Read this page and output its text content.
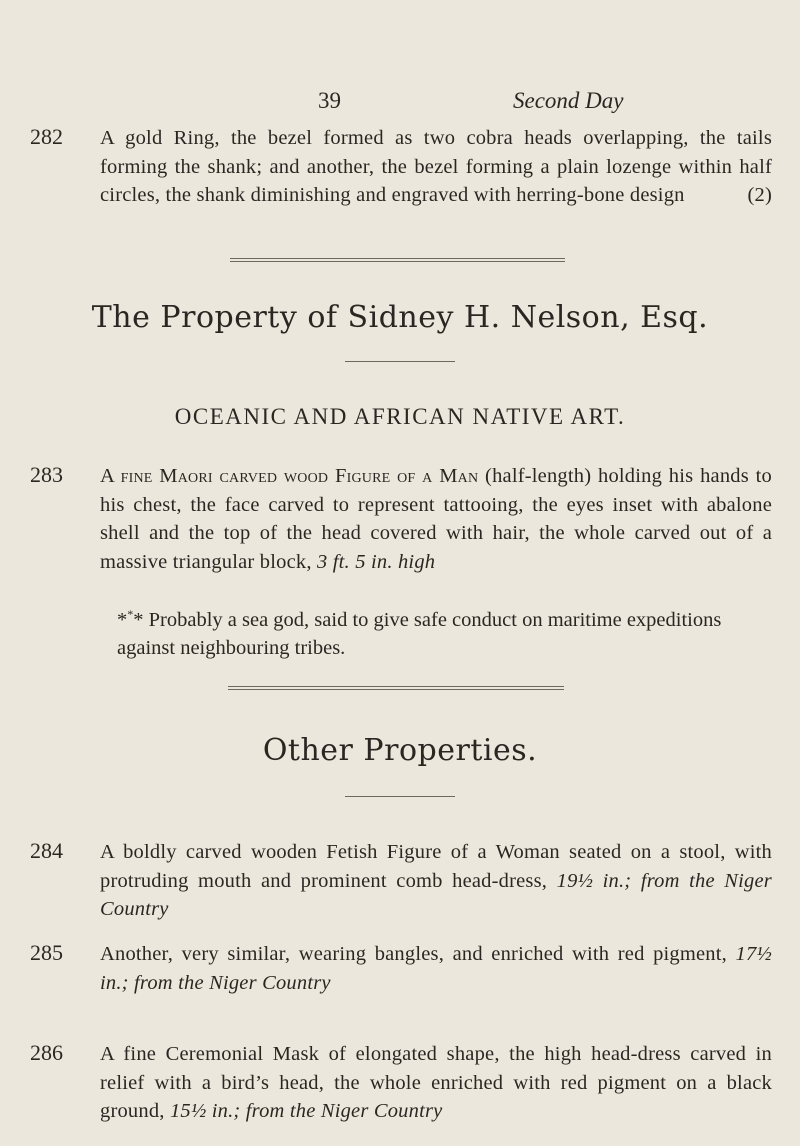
39	Second Day
282 A gold Ring, the bezel formed as two cobra heads overlapping, the tails forming the shank; and another, the bezel forming a plain lozenge within half circles, the shank diminishing and engraved with herring-bone design	(2)
The Property of Sidney H. Nelson, Esq.
OCEANIC AND AFRICAN NATIVE ART.
283 A fine Maori carved wood Figure of a Man (half-length) holding his hands to his chest, the face carved to represent tattooing, the eyes inset with abalone shell and the top of the head covered with hair, the whole carved out of a massive triangular block, 3 ft. 5 in. high
*** Probably a sea god, said to give safe conduct on maritime expeditions against neighbouring tribes.
Other Properties.
284 A boldly carved wooden Fetish Figure of a Woman seated on a stool, with protruding mouth and prominent comb head-dress, 19½ in.; from the Niger Country
285 Another, very similar, wearing bangles, and enriched with red pigment, 17½ in.; from the Niger Country
286 A fine Ceremonial Mask of elongated shape, the high head-dress carved in relief with a bird’s head, the whole enriched with red pigment on a black ground, 15½ in.; from the Niger Country
